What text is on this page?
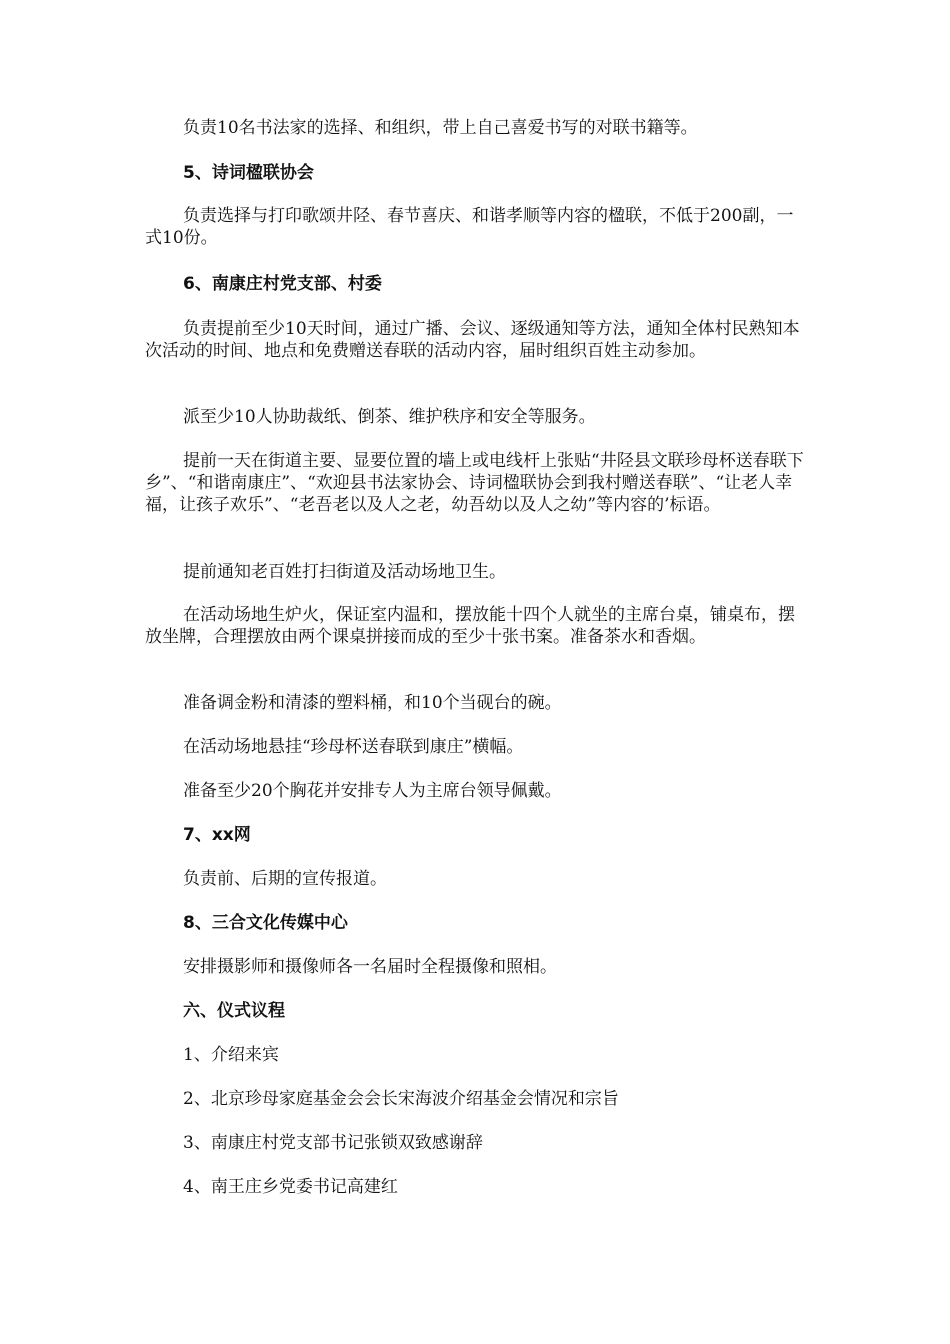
负责10名书法家的选择、和组织，带上自己喜爱书写的对联书籍等。

5、诗词楹联协会

负责选择与打印歌颂井陉、春节喜庆、和谐孝顺等内容的楹联，不低于200副，一式10份。

6、南康庄村党支部、村委

负责提前至少10天时间，通过广播、会议、逐级通知等方法，通知全体村民熟知本次活动的时间、地点和免费赠送春联的活动内容，届时组织百姓主动参加。

派至少10人协助裁纸、倒茶、维护秩序和安全等服务。

提前一天在街道主要、显要位置的墙上或电线杆上张贴“井陉县文联珍母杯送春联下乡”、“和谐南康庄”、“欢迎县书法家协会、诗词楹联协会到我村赠送春联”、“让老人幸福，让孩子欢乐”、“老吾老以及人之老，幼吾幼以及人之幼”等内容的’标语。

提前通知老百姓打扫街道及活动场地卫生。

在活动场地生炉火，保证室内温和，摆放能十四个人就坐的主席台桌，铺桌布，摆放坐牌，合理摆放由两个课桌拼接而成的至少十张书案。准备茶水和香烟。

准备调金粉和清漆的塑料桶，和10个当砚台的碗。

在活动场地悬挂“珍母杯送春联到康庄”横幅。

准备至少20个胸花并安排专人为主席台领导佩戴。

7、xx网

负责前、后期的宣传报道。

8、三合文化传媒中心

安排摄影师和摄像师各一名届时全程摄像和照相。

六、仪式议程

1、介绍来宾

2、北京珍母家庭基金会会长宋海波介绍基金会情况和宗旨

3、南康庄村党支部书记张锁双致感谢辞

4、南王庄乡党委书记高建红
